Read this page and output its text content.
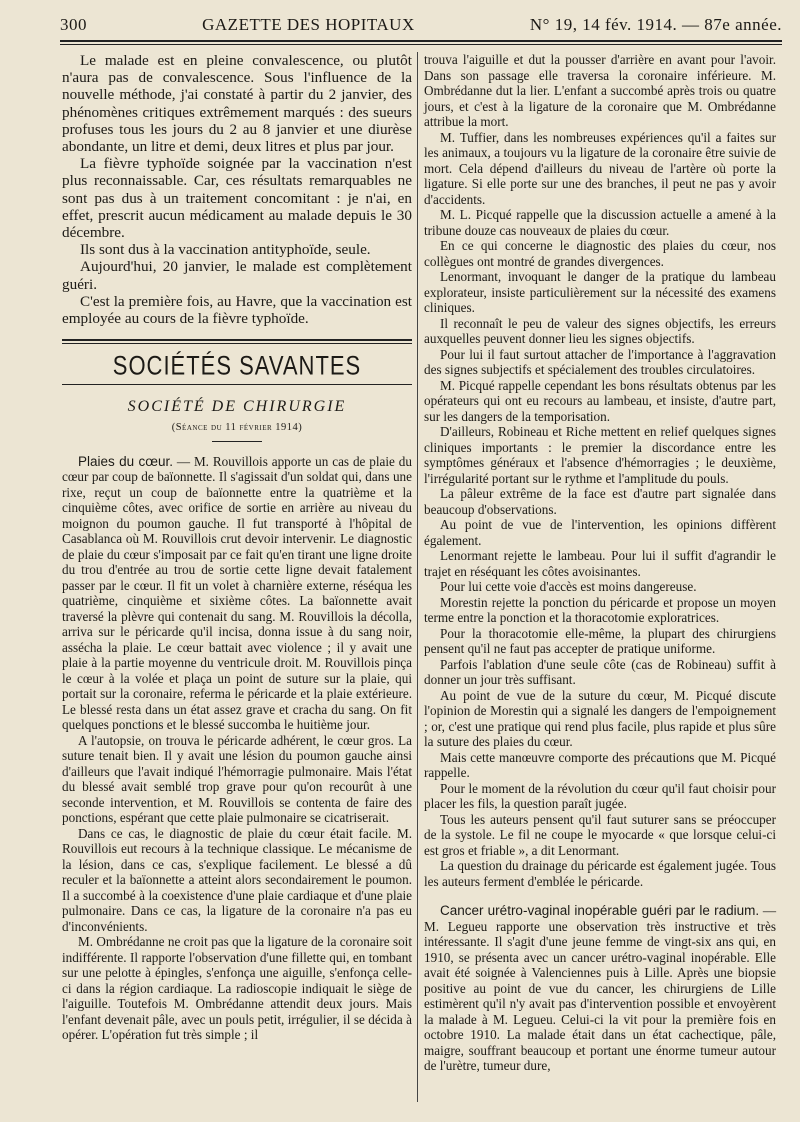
300	GAZETTE DES HOPITAUX	N° 19, 14 fév. 1914. — 87e année.

Le malade est en pleine convalescence, ou plutôt n'aura pas de convalescence. Sous l'influence de la nouvelle méthode, j'ai constaté à partir du 2 janvier, des phénomènes critiques extrêmement marqués : des sueurs profuses tous les jours du 2 au 8 janvier et une diurèse abondante, un litre et demi, deux litres et plus par jour.

La fièvre typhoïde soignée par la vaccination n'est plus reconnaissable. Car, ces résultats remarquables ne sont pas dus à un traitement concomitant : je n'ai, en effet, prescrit aucun médicament au malade depuis le 30 décembre.

Ils sont dus à la vaccination antityphoïde, seule.

Aujourd'hui, 20 janvier, le malade est complètement guéri.

C'est la première fois, au Havre, que la vaccination est employée au cours de la fièvre typhoïde.

SOCIÉTÉS SAVANTES
SOCIÉTÉ DE CHIRURGIE
(Séance du 11 février 1914)

Plaies du cœur. — M. Rouvillois apporte un cas de plaie du cœur par coup de baïonnette. Il s'agissait d'un soldat qui, dans une rixe, reçut un coup de baïonnette entre la quatrième et la cinquième côtes, avec orifice de sortie en arrière au niveau du moignon du poumon gauche. Il fut transporté à l'hôpital de Casablanca où M. Rouvillois crut devoir intervenir. Le diagnostic de plaie du cœur s'imposait par ce fait qu'en tirant une ligne droite du trou d'entrée au trou de sortie cette ligne devait fatalement passer par le cœur. Il fit un volet à charnière externe, réséqua les quatrième, cinquième et sixième côtes. La baïonnette avait traversé la plèvre qui contenait du sang. M. Rouvillois la décolla, arriva sur le péricarde qu'il incisa, donna issue à du sang noir, assécha la plaie. Le cœur battait avec violence ; il y avait une plaie à la partie moyenne du ventricule droit. M. Rouvillois pinça le cœur à la volée et plaça un point de suture sur la plaie, qui portait sur la coronaire, referma le péricarde et la plaie extérieure. Le blessé resta dans un état assez grave et cracha du sang. On fit quelques ponctions et le blessé succomba le huitième jour.

A l'autopsie, on trouva le péricarde adhérent, le cœur gros. La suture tenait bien. Il y avait une lésion du poumon gauche ainsi d'ailleurs que l'avait indiqué l'hémorragie pulmonaire. Mais l'état du blessé avait semblé trop grave pour qu'on recourût à une seconde intervention, et M. Rouvillois se contenta de faire des ponctions, espérant que cette plaie pulmonaire se cicatriserait.

Dans ce cas, le diagnostic de plaie du cœur était facile. M. Rouvillois eut recours à la technique classique. Le mécanisme de la lésion, dans ce cas, s'explique facilement. Le blessé a dû reculer et la baïonnette a atteint alors secondairement le poumon. Il a succombé à la coexistence d'une plaie cardiaque et d'une plaie pulmonaire. Dans ce cas, la ligature de la coronaire n'a pas eu d'inconvénients.

M. Ombrédanne ne croit pas que la ligature de la coronaire soit indifférente. Il rapporte l'observation d'une fillette qui, en tombant sur une pelotte à épingles, s'enfonça une aiguille, s'enfonça celle-ci dans la région cardiaque. La radioscopie indiquait le siège de l'aiguille. Toutefois M. Ombrédanne attendit deux jours. Mais l'enfant devenait pâle, avec un pouls petit, irrégulier, il se décida à opérer. L'opération fut très simple ; il

trouva l'aiguille et dut la pousser d'arrière en avant pour l'avoir. Dans son passage elle traversa la coronaire inférieure. M. Ombrédanne dut la lier. L'enfant a succombé après trois ou quatre jours, et c'est à la ligature de la coronaire que M. Ombrédanne attribue la mort.

M. Tuffier, dans les nombreuses expériences qu'il a faites sur les animaux, a toujours vu la ligature de la coronaire être suivie de mort. Cela dépend d'ailleurs du niveau de l'artère où porte la ligature. Si elle porte sur une des branches, il peut ne pas y avoir d'accidents.

M. L. Picqué rappelle que la discussion actuelle a amené à la tribune douze cas nouveaux de plaies du cœur.

En ce qui concerne le diagnostic des plaies du cœur, nos collègues ont montré de grandes divergences.

Lenormant, invoquant le danger de la pratique du lambeau explorateur, insiste particulièrement sur la nécessité des examens cliniques.

Il reconnaît le peu de valeur des signes objectifs, les erreurs auxquelles peuvent donner lieu les signes objectifs.

Pour lui il faut surtout attacher de l'importance à l'aggravation des signes subjectifs et spécialement des troubles circulatoires.

M. Picqué rappelle cependant les bons résultats obtenus par les opérateurs qui ont eu recours au lambeau, et insiste, d'autre part, sur les dangers de la temporisation.

D'ailleurs, Robineau et Riche mettent en relief quelques signes cliniques importants : le premier la discordance entre les symptômes généraux et l'absence d'hémorragies ; le deuxième, l'irrégularité portant sur le rythme et l'amplitude du pouls.

La pâleur extrême de la face est d'autre part signalée dans beaucoup d'observations.

Au point de vue de l'intervention, les opinions diffèrent également.

Lenormant rejette le lambeau. Pour lui il suffit d'agrandir le trajet en réséquant les côtes avoisinantes.

Pour lui cette voie d'accès est moins dangereuse.

Morestin rejette la ponction du péricarde et propose un moyen terme entre la ponction et la thoracotomie exploratrices.

Pour la thoracotomie elle-même, la plupart des chirurgiens pensent qu'il ne faut pas accepter de pratique uniforme.

Parfois l'ablation d'une seule côte (cas de Robineau) suffit à donner un jour très suffisant.

Au point de vue de la suture du cœur, M. Picqué discute l'opinion de Morestin qui a signalé les dangers de l'empoignement ; or, c'est une pratique qui rend plus facile, plus rapide et plus sûre la suture des plaies du cœur.

Mais cette manœuvre comporte des précautions que M. Picqué rappelle.

Pour le moment de la révolution du cœur qu'il faut choisir pour placer les fils, la question paraît jugée.

Tous les auteurs pensent qu'il faut suturer sans se préoccuper de la systole. Le fil ne coupe le myocarde « que lorsque celui-ci est gros et friable », a dit Lenormant.

La question du drainage du péricarde est également jugée. Tous les auteurs ferment d'emblée le péricarde.

Cancer urétro-vaginal inopérable guéri par le radium. — M. Legueu rapporte une observation très instructive et très intéressante. Il s'agit d'une jeune femme de vingt-six ans qui, en 1910, se présenta avec un cancer urétro-vaginal inopérable. Elle avait été soignée à Valenciennes puis à Lille. Après une biopsie positive au point de vue du cancer, les chirurgiens de Lille estimèrent qu'il n'y avait pas d'intervention possible et envoyèrent la malade à M. Legueu. Celui-ci la vit pour la première fois en octobre 1910. La malade était dans un état cachectique, pâle, maigre, souffrant beaucoup et portant une énorme tumeur autour de l'urètre, tumeur dure,
